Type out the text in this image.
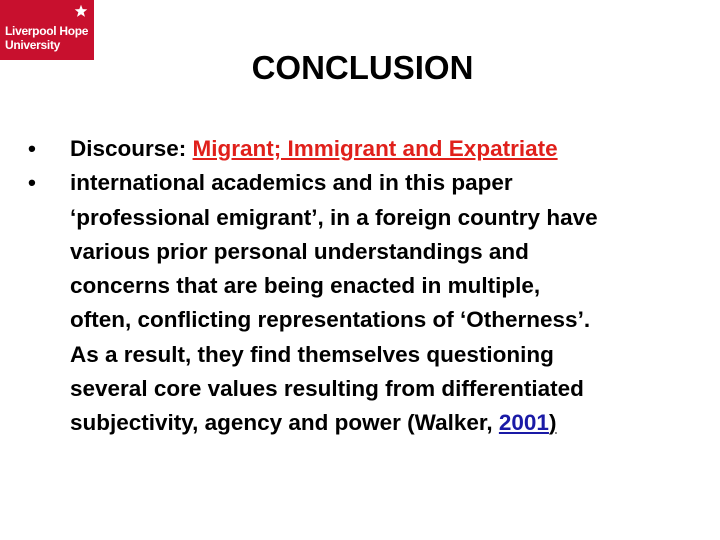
Liverpool Hope
University
CONCLUSION
•	Discourse: Migrant; Immigrant and Expatriate
•	international academics and in this paper
‘professional emigrant’, in a foreign country have
various prior personal understandings and
concerns that are being enacted in multiple,
often, conflicting representations of ‘Otherness’.
As a result, they find themselves questioning
several core values resulting from differentiated
subjectivity, agency and power (Walker, 2001)
